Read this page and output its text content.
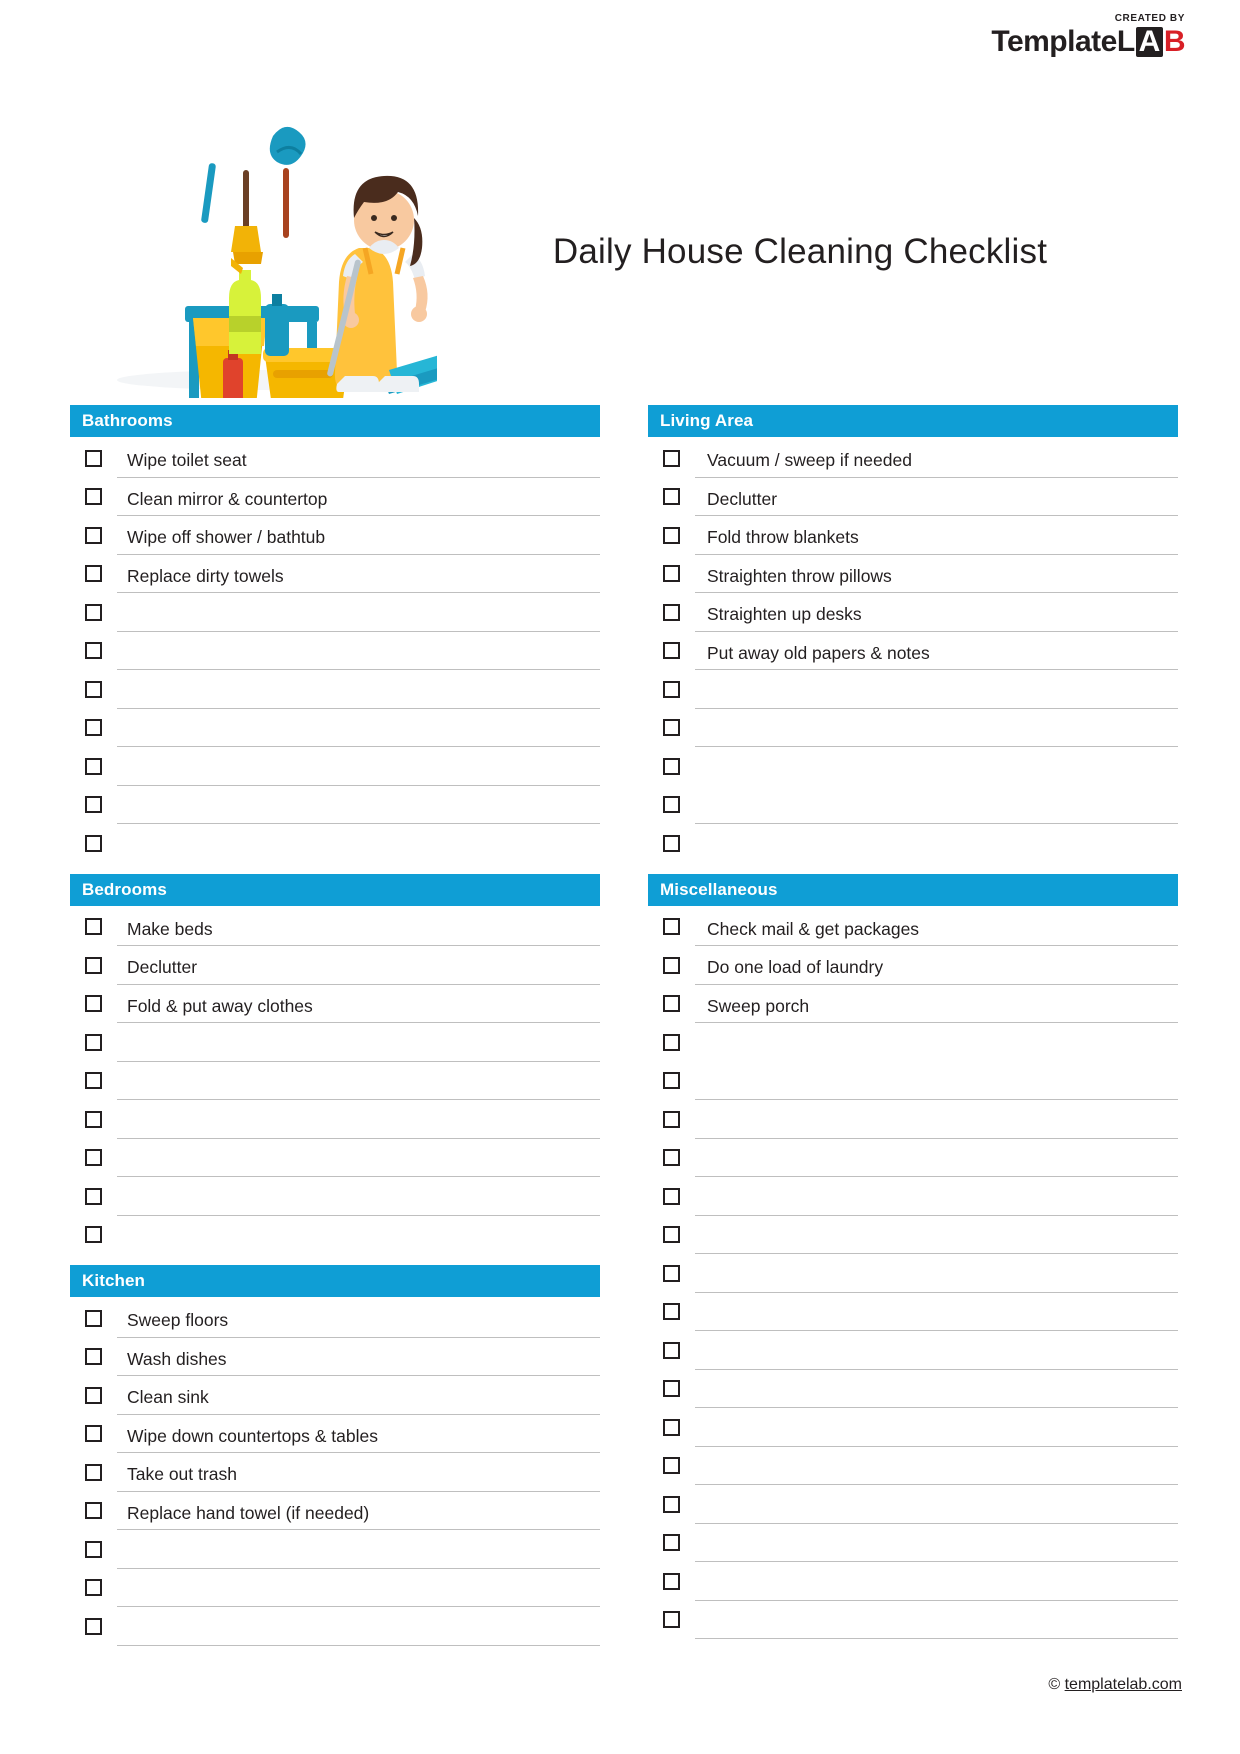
CREATED BY
TemplateL A B
Daily House Cleaning Checklist
Bathrooms
Wipe toilet seat
Clean mirror & countertop
Wipe off shower / bathtub
Replace dirty towels
Bedrooms
Make beds
Declutter
Fold & put away clothes
Kitchen
Sweep floors
Wash dishes
Clean sink
Wipe down countertops & tables
Take out trash
Replace hand towel (if needed)
Living Area
Vacuum / sweep if needed
Declutter
Fold throw blankets
Straighten throw pillows
Straighten up desks
Put away old papers & notes
Miscellaneous
Check mail & get packages
Do one load of laundry
Sweep porch
© templatelab.com
